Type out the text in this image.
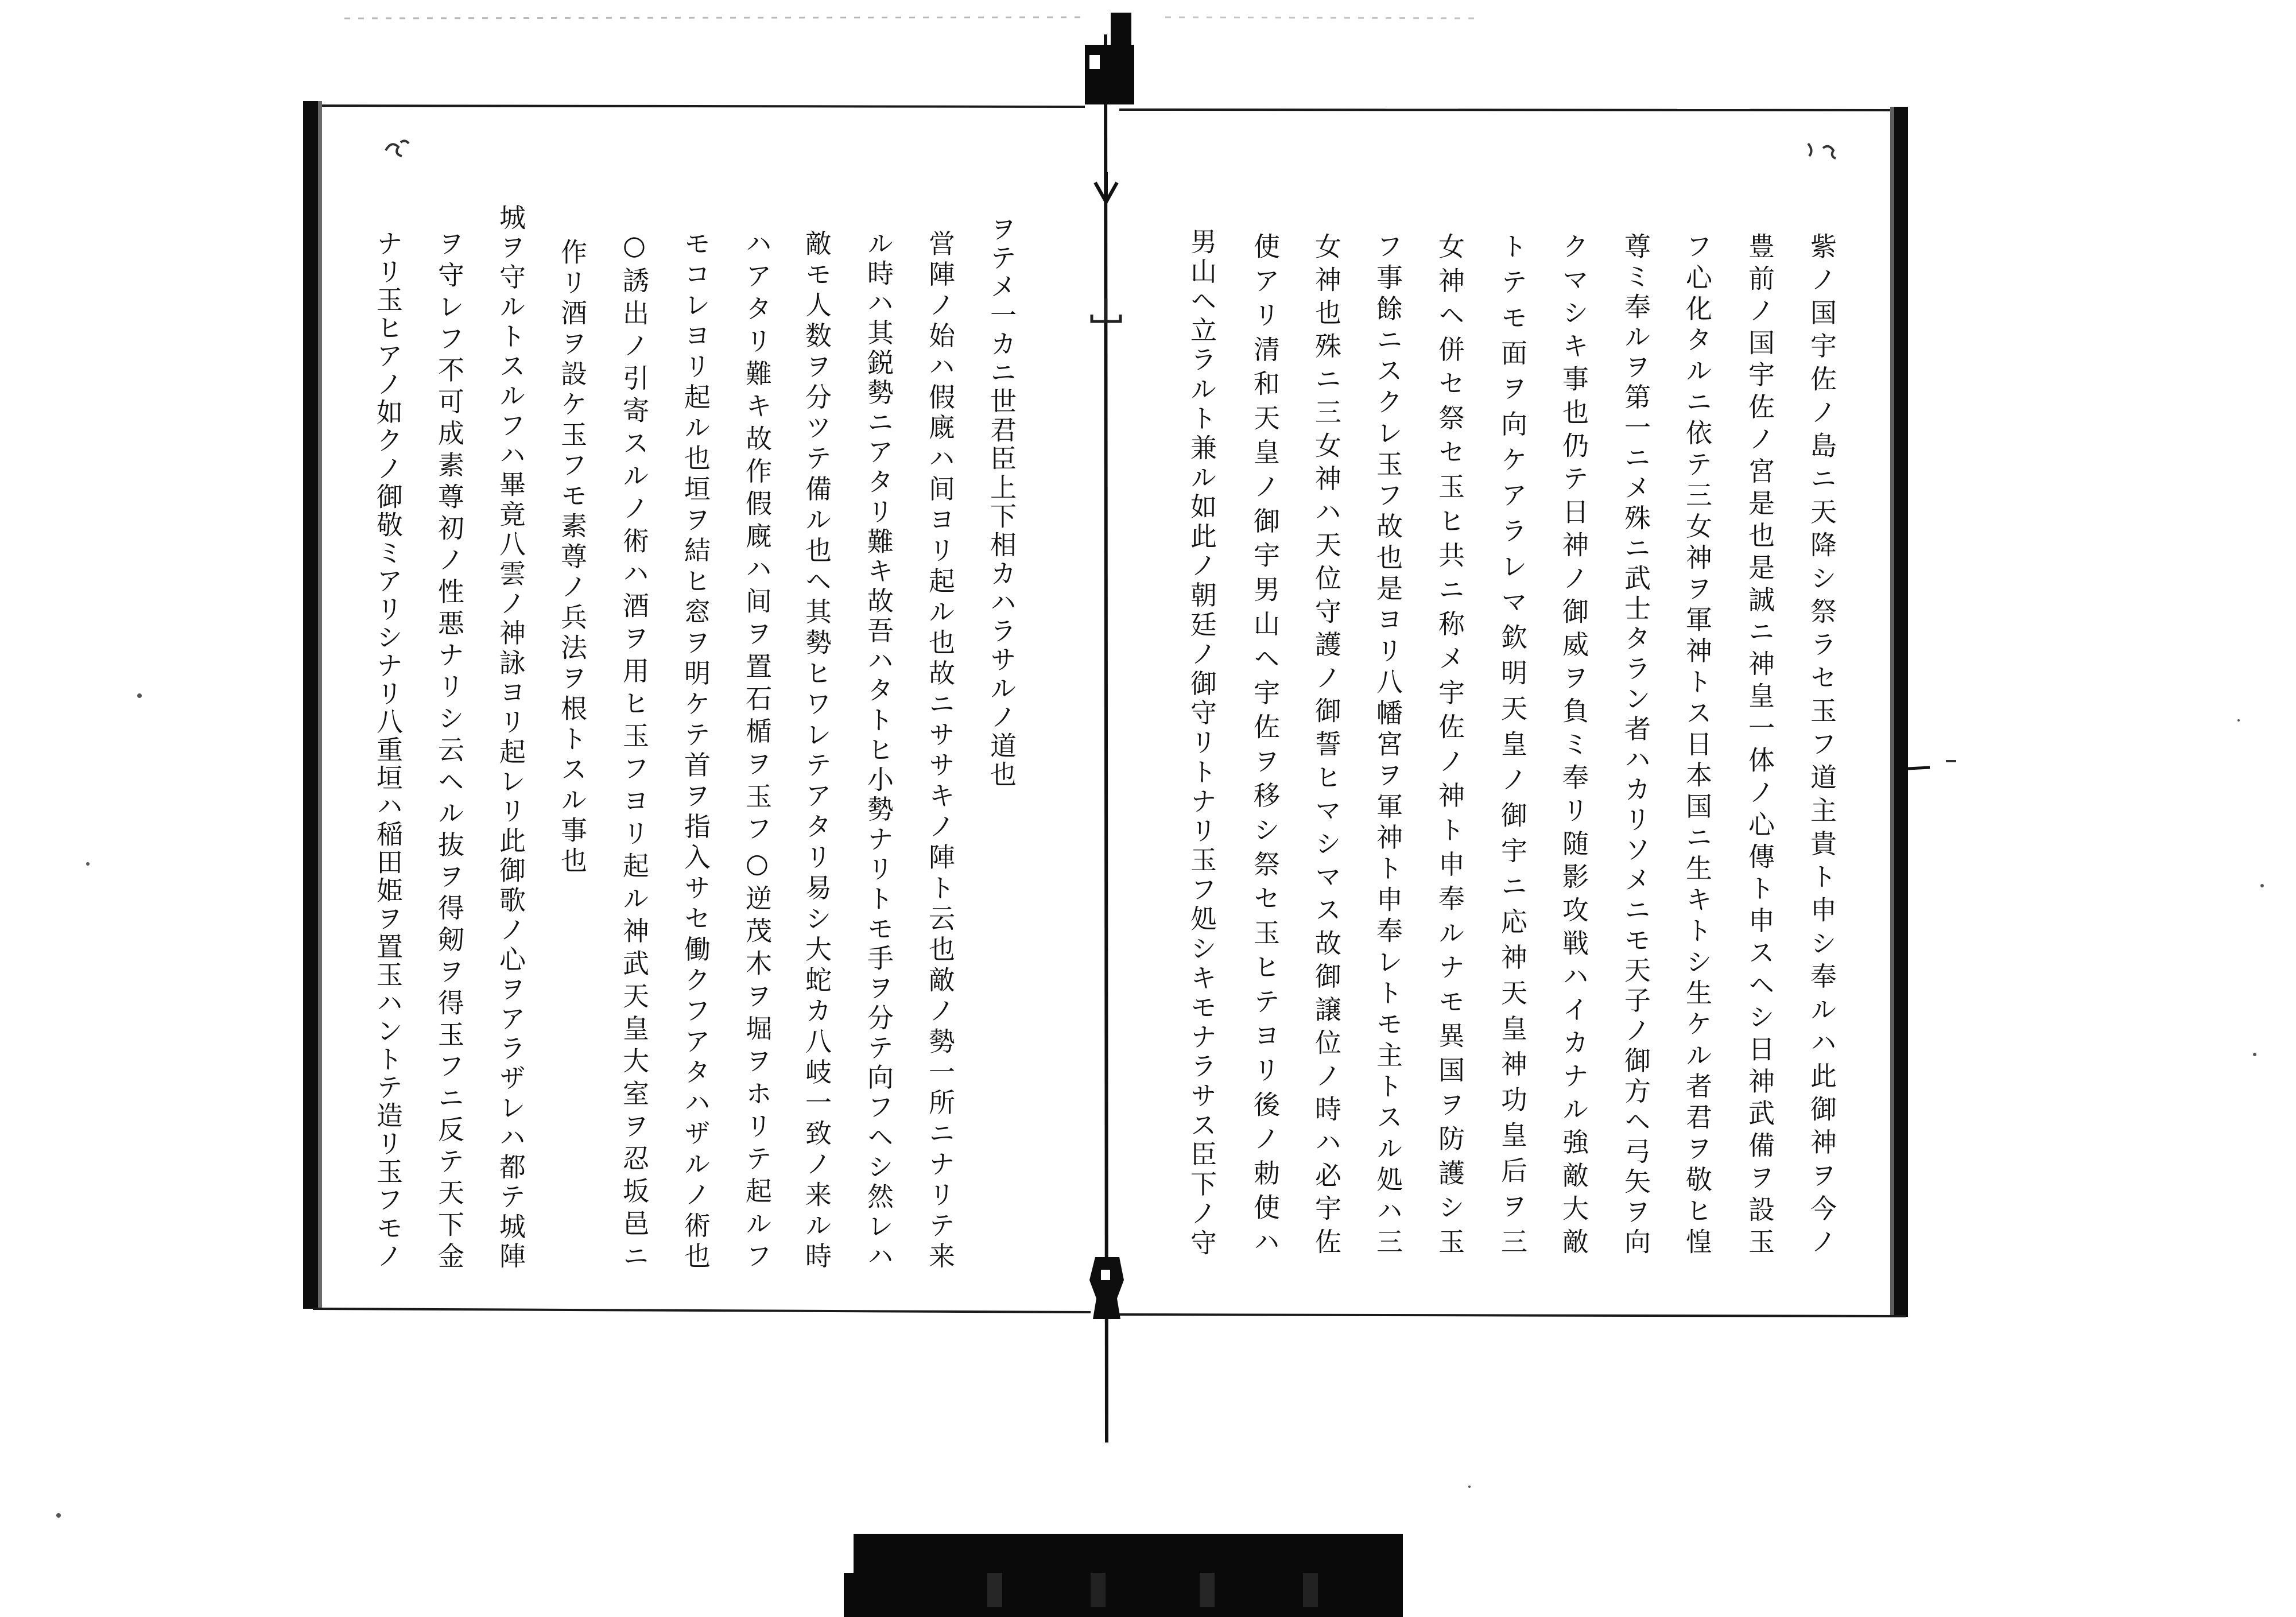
ヲテメ一カニ世君臣上下相カハラサルノ道也
営陣ノ始ハ假廐ハ间ヨリ起ル也故ニササキノ陣ト云也敵ノ勢一所ニナリテ来
ル時ハ其鋭勢ニアタリ難キ故吾ハタトヒ小勢ナリトモ手ヲ分テ向フヘシ然レハ
敵モ人数ヲ分ツテ備ル也ヘ其勢ヒワレテアタリ易シ大蛇カ八岐一致ノ来ル時
ハアタリ難キ故作假廐ハ间ヲ置石楯ヲ玉フ○逆茂木ヲ堀ヲホリテ起ルフ
モコレヨリ起ル也垣ヲ結ヒ窓ヲ明ケテ首ヲ指入サセ働クフアタハザルノ術也
○誘出ノ引寄スルノ術ハ酒ヲ用ヒ玉フヨリ起ル神武天皇大室ヲ忍坂邑ニ
作リ酒ヲ設ケ玉フモ素尊ノ兵法ヲ根トスル事也
城ヲ守ルトスルフハ畢竟八雲ノ神詠ヨリ起レリ此御歌ノ心ヲアラザレハ都テ城陣
ヲ守レフ不可成素尊初ノ性悪ナリシ云ヘル抜ヲ得剱ヲ得玉フニ反テ天下金
ナリ玉ヒアノ如クノ御敬ミアリシナリ八重垣ハ稲田姫ヲ置玉ハントテ造リ玉フモノ	紫ノ国宇佐ノ島ニ天降シ祭ラセ玉フ道主貴ト申シ奉ルハ此御神ヲ今ノ
豊前ノ国宇佐ノ宮是也是誠ニ神皇一体ノ心傳ト申スヘシ日神武備ヲ設玉
フ心化タルニ依テ三女神ヲ軍神トス日本国ニ生キトシ生ケル者君ヲ敬ヒ惶
尊ミ奉ルヲ第一ニメ殊ニ武士タラン者ハカリソメニモ天子ノ御方ヘ弓矢ヲ向
クマシキ事也仍テ日神ノ御威ヲ負ミ奉リ随影攻戦ハイカナル強敵大敵
トテモ面ヲ向ケアラレマ欽明天皇ノ御宇ニ応神天皇神功皇后ヲ三
女神ヘ併セ祭セ玉ヒ共ニ称メ宇佐ノ神ト申奉ルナモ異国ヲ防護シ玉
フ事餘ニスクレ玉フ故也是ヨリ八幡宮ヲ軍神ト申奉レトモ主トスル処ハ三
女神也殊ニ三女神ハ天位守護ノ御誓ヒマシマス故御譲位ノ時ハ必宇佐
使アリ清和天皇ノ御宇男山ヘ宇佐ヲ移シ祭セ玉ヒテヨリ後ノ勅使ハ
男山ヘ立ラルト兼ル如此ノ朝廷ノ御守リトナリ玉フ処シキモナラサス臣下ノ守
